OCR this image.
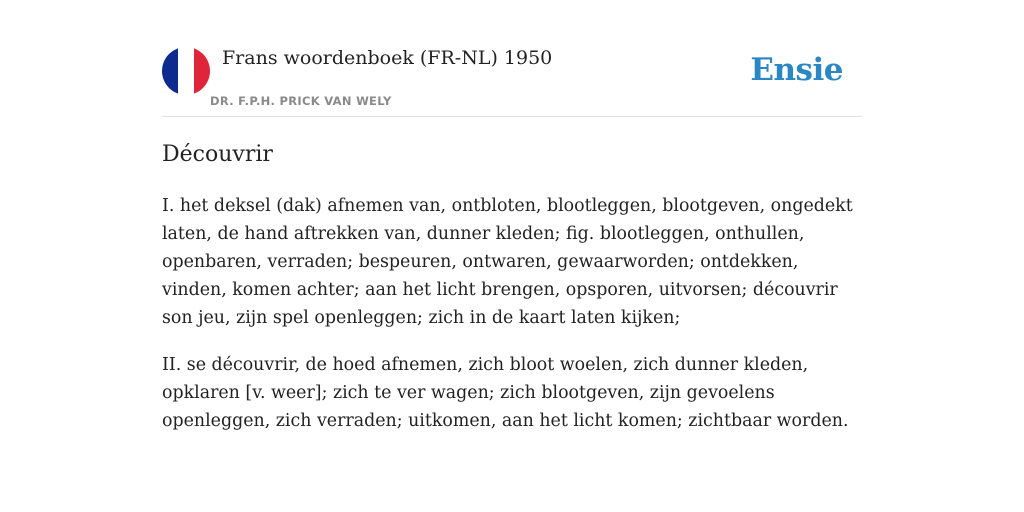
Frans woordenboek (FR-NL) 1950
DR. F.P.H. PRICK VAN WELY
Ensie
Découvrir

I. het deksel (dak) afnemen van, ontbloten, blootleggen, blootgeven, ongedekt laten, de hand aftrekken van, dunner kleden; fig. blootleggen, onthullen, openbaren, verraden; bespeuren, ontwaren, gewaarworden; ontdekken, vinden, komen achter; aan het licht brengen, opsporen, uitvorsen; découvrir son jeu, zijn spel openleggen; zich in de kaart laten kijken;

II. se découvrir, de hoed afnemen, zich bloot woelen, zich dunner kleden, opklaren [v. weer]; zich te ver wagen; zich blootgeven, zijn gevoelens openleggen, zich verraden; uitkomen, aan het licht komen; zichtbaar worden.
